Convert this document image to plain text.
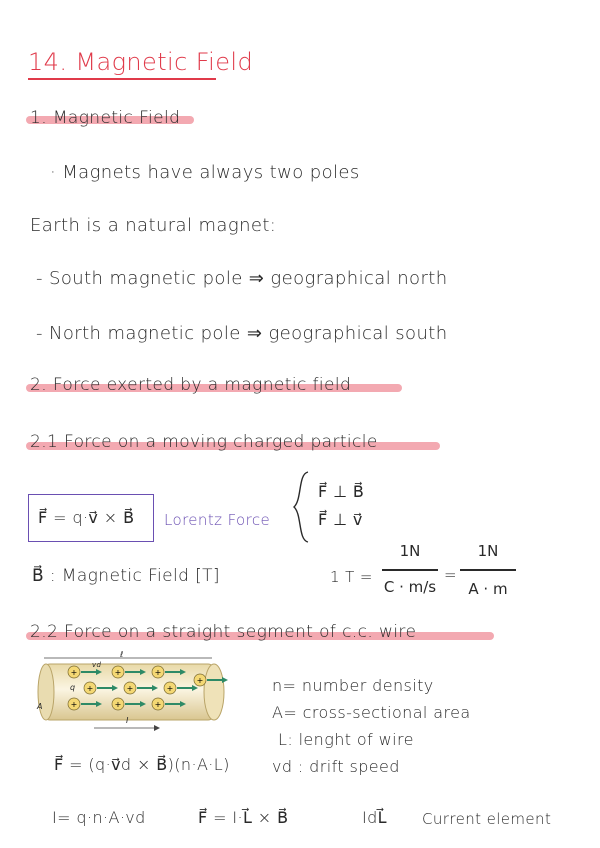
14. Magnetic Field
1. Magnetic Field
· Magnets have always two poles
Earth is a natural magnet:
- South magnetic pole ⇒ geographical north
- North magnetic pole ⇒ geographical south
2. Force exerted by a magnetic field
2.1 Force on a moving charged particle
F⃗ = q·v⃗ × B⃗ Lorentz Force
F⃗ ⊥ B⃗
F⃗ ⊥ v⃗
B⃗ : Magnetic Field [T]	1 T =
1N
C · m/s
=
1N
A · m
2.2 Force on a straight segment of c.c. wire
+	+	+
+	+	+
+	+	+
+
ℓ
vd
q
A
I
n= number density
A= cross-sectional area
L: lenght of wire
vd : drift speed
F⃗ = (q·v⃗d × B⃗)(n·A·L)
I= q·n·A·vd	F⃗ = I·L⃗ × B⃗	IdL⃗ Current element
